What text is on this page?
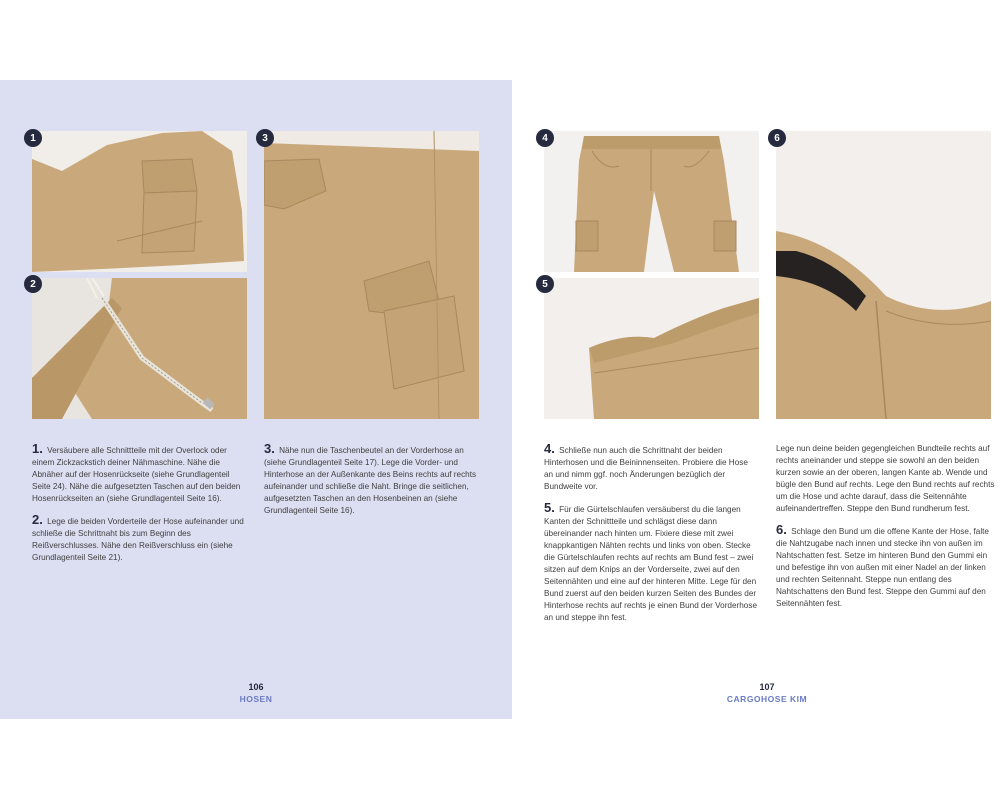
1
2
3

1. Versäubere alle Schnittteile mit der Overlock oder einem Zickzackstich deiner Nähmaschine. Nähe die Abnäher auf der Hosenrückseite (siehe Grundlagenteil Seite 24). Nähe die aufgesetzten Taschen auf den beiden Hosenrückseiten an (siehe Grundlagenteil Seite 16).

2. Lege die beiden Vorderteile der Hose aufeinander und schließe die Schrittnaht bis zum Beginn des Reißverschlusses. Nähe den Reißverschluss ein (siehe Grundlagenteil Seite 21).

3. Nähe nun die Taschenbeutel an der Vorderhose an (siehe Grundlagenteil Seite 17). Lege die Vorder- und Hinterhose an der Außenkante des Beins rechts auf rechts aufeinander und schließe die Naht. Bringe die seitlichen, aufgesetzten Taschen an den Hosenbeinen an (siehe Grundlagenteil Seite 16).

106
HOSEN
4
5
6

4. Schließe nun auch die Schrittnaht der beiden Hinterhosen und die Beininnenseiten. Probiere die Hose an und nimm ggf. noch Änderungen bezüglich der Bundweite vor.

5. Für die Gürtelschlaufen versäuberst du die langen Kanten der Schnittteile und schlägst diese dann übereinander nach hinten um. Fixiere diese mit zwei knappkantigen Nähten rechts und links von oben. Stecke die Gürtelschlaufen rechts auf rechts am Bund fest – zwei sitzen auf dem Knips an der Vorderseite, zwei auf den Seitennähten und eine auf der hinteren Mitte. Lege für den Bund zuerst auf den beiden kurzen Seiten des Bundes der Hinterhose rechts auf rechts je einen Bund der Vorderhose an und steppe ihn fest.

Lege nun deine beiden gegengleichen Bundteile rechts auf rechts aneinander und steppe sie sowohl an den beiden kurzen sowie an der oberen, langen Kante ab. Wende und bügle den Bund auf rechts. Lege den Bund rechts auf rechts um die Hose und achte darauf, dass die Seitennähte aufeinandertreffen. Steppe den Bund rundherum fest.

6. Schlage den Bund um die offene Kante der Hose, falte die Nahtzugabe nach innen und stecke ihn von außen im Nahtschatten fest. Setze im hinteren Bund den Gummi ein und befestige ihn von außen mit einer Nadel an der linken und rechten Seitennaht. Steppe nun entlang des Nahtschattens den Bund fest. Steppe den Gummi auf den Seitennähten fest.

107
CARGOHOSE KIM
